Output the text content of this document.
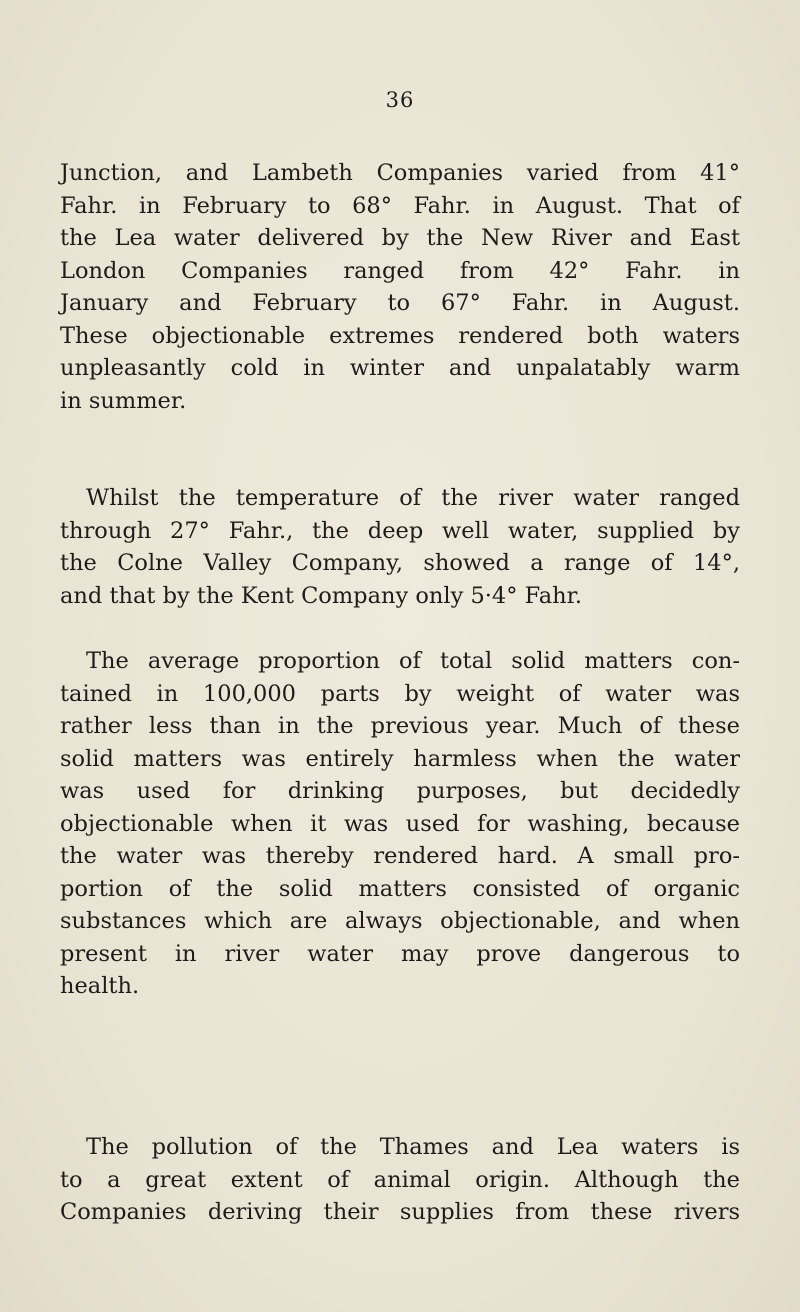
36
Junction, and Lambeth Companies varied from 41°
Fahr. in February to 68° Fahr. in August. That of
the Lea water delivered by the New River and East
London Companies ranged from 42° Fahr. in
January and February to 67° Fahr. in August.
These objectionable extremes rendered both waters
unpleasantly cold in winter and unpalatably warm
in summer.
Whilst the temperature of the river water ranged
through 27° Fahr., the deep well water, supplied by
the Colne Valley Company, showed a range of 14°,
and that by the Kent Company only 5·4° Fahr.
The average proportion of total solid matters con-
tained in 100,000 parts by weight of water was
rather less than in the previous year. Much of these
solid matters was entirely harmless when the water
was used for drinking purposes, but decidedly
objectionable when it was used for washing, because
the water was thereby rendered hard. A small pro-
portion of the solid matters consisted of organic
substances which are always objectionable, and when
present in river water may prove dangerous to
health.
The pollution of the Thames and Lea waters is
to a great extent of animal origin. Although the
Companies deriving their supplies from these rivers
